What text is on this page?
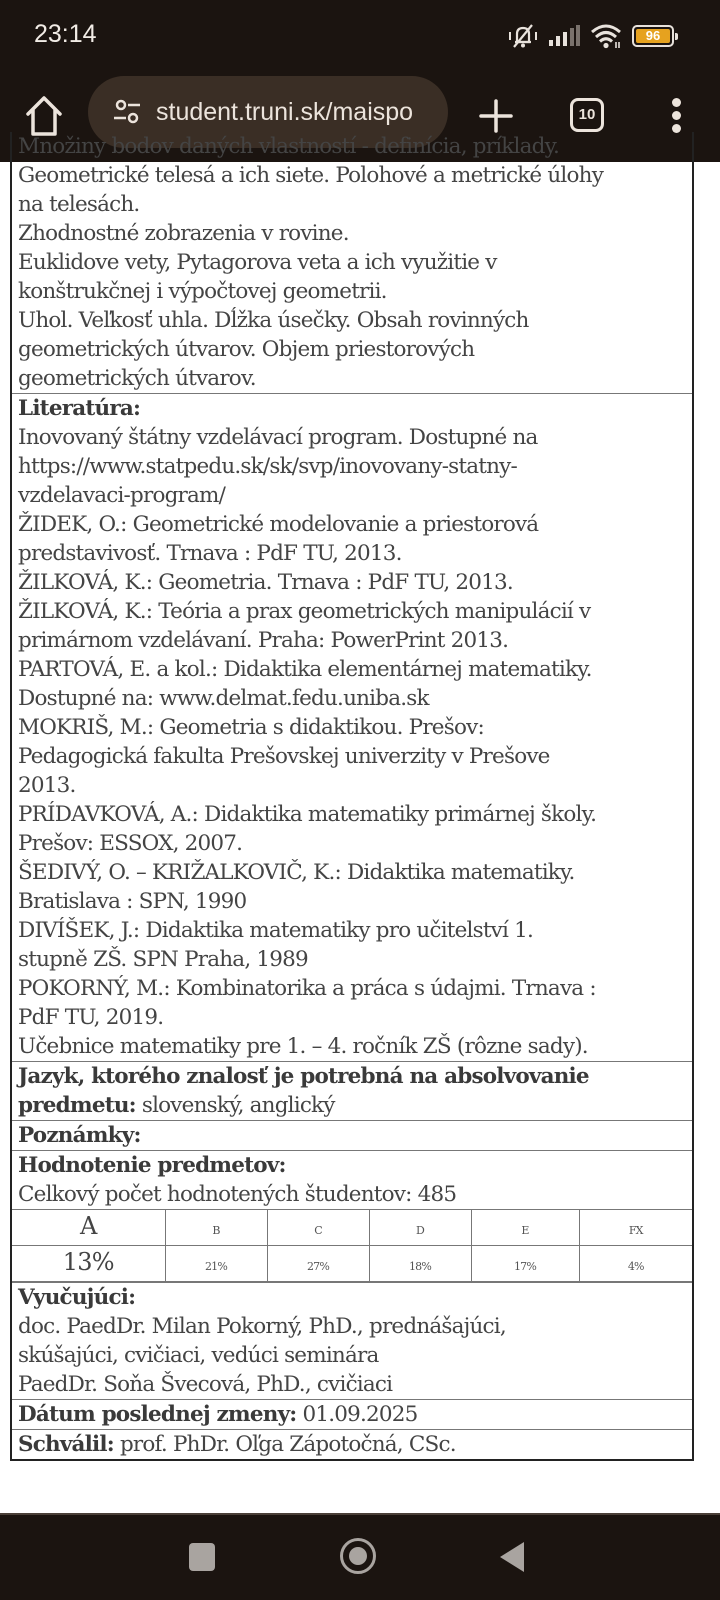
23:14	96
student.truni.sk/maispo	10
Množiny bodov daných vlastností - definícia, príklady.
Geometrické telesá a ich siete. Polohové a metrické úlohy
na telesách.
Zhodnostné zobrazenia v rovine.
Euklidove vety, Pytagorova veta a ich využitie v
konštrukčnej i výpočtovej geometrii.
Uhol. Veľkosť uhla. Dĺžka úsečky. Obsah rovinných
geometrických útvarov. Objem priestorových
geometrických útvarov.
Literatúra:
Inovovaný štátny vzdelávací program. Dostupné na
https://www.statpedu.sk/sk/svp/inovovany-statny-
vzdelavaci-program/
ŽIDEK, O.: Geometrické modelovanie a priestorová
predstavivosť. Trnava : PdF TU, 2013.
ŽILKOVÁ, K.: Geometria. Trnava : PdF TU, 2013.
ŽILKOVÁ, K.: Teória a prax geometrických manipulácií v
primárnom vzdelávaní. Praha: PowerPrint 2013.
PARTOVÁ, E. a kol.: Didaktika elementárnej matematiky.
Dostupné na: www.delmat.fedu.uniba.sk
MOKRIŠ, M.: Geometria s didaktikou. Prešov:
Pedagogická fakulta Prešovskej univerzity v Prešove
2013.
PRÍDAVKOVÁ, A.: Didaktika matematiky primárnej školy.
Prešov: ESSOX, 2007.
ŠEDIVÝ, O. – KRIŽALKOVIČ, K.: Didaktika matematiky.
Bratislava : SPN, 1990
DIVÍŠEK, J.: Didaktika matematiky pro učitelství 1.
stupně ZŠ. SPN Praha, 1989
POKORNÝ, M.: Kombinatorika a práca s údajmi. Trnava :
PdF TU, 2019.
Učebnice matematiky pre 1. – 4. ročník ZŠ (rôzne sady).
Jazyk, ktorého znalosť je potrebná na absolvovanie
predmetu: slovenský, anglický
Poznámky:
Hodnotenie predmetov:
Celkový počet hodnotených študentov: 485
A	B	C	D	E	FX
13%	21%	27%	18%	17%	4%
Vyučujúci:
doc. PaedDr. Milan Pokorný, PhD., prednášajúci,
skúšajúci, cvičiaci, vedúci seminára
PaedDr. Soňa Švecová, PhD., cvičiaci
Dátum poslednej zmeny: 01.09.2025
Schválil: prof. PhDr. Oľga Zápotočná, CSc.
